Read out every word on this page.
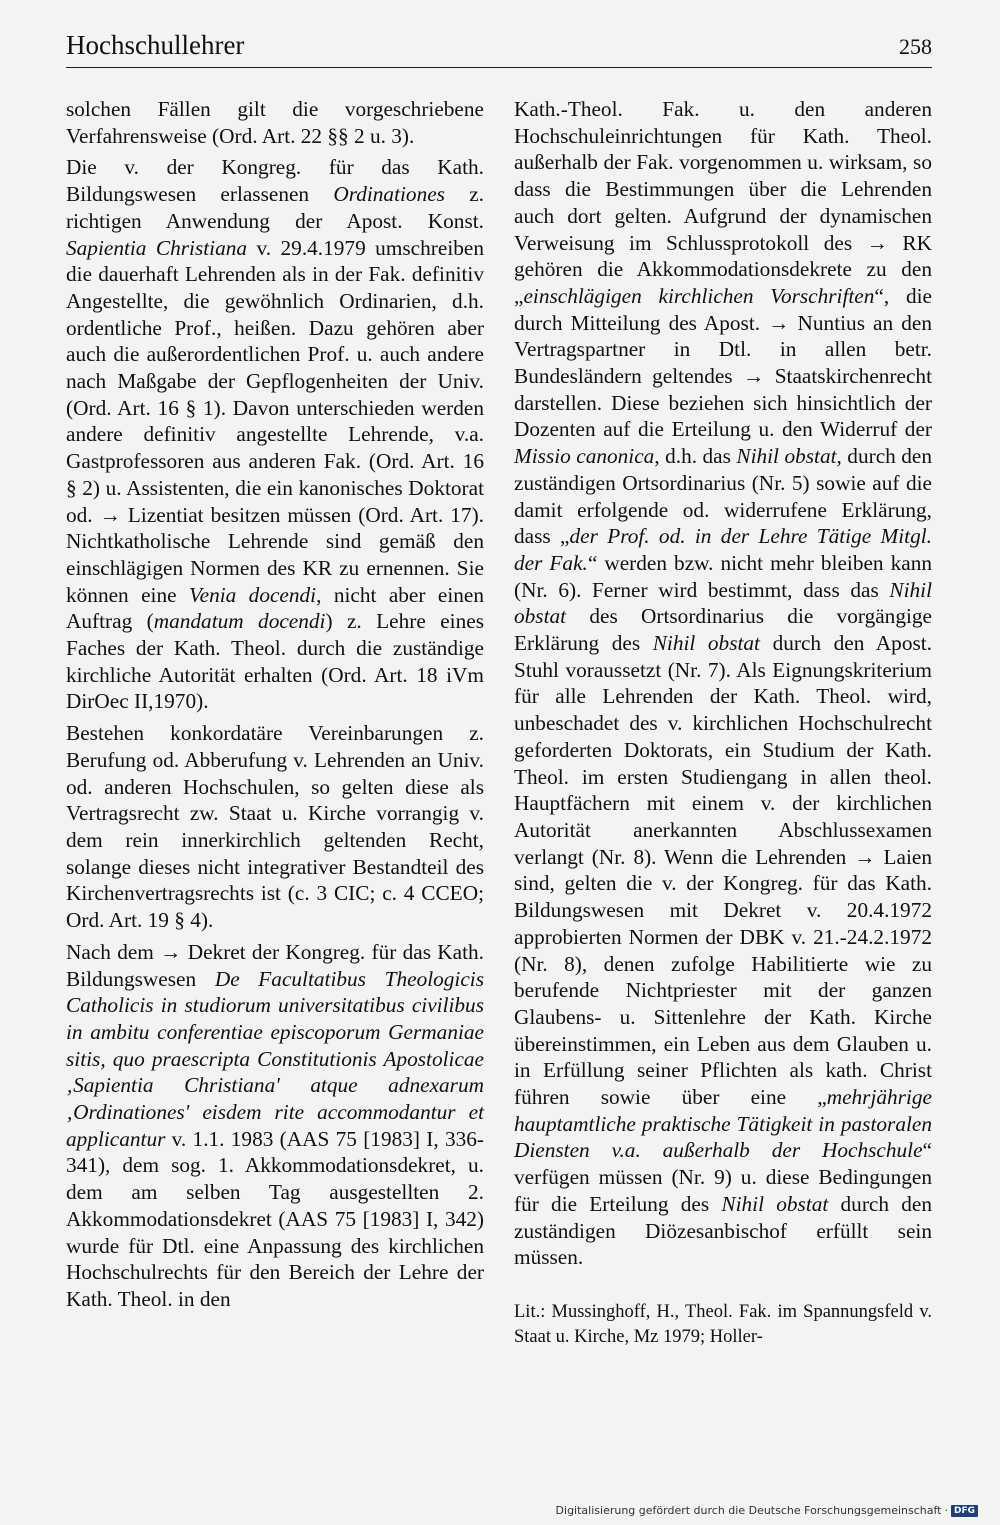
Hochschullehrer	258

solchen Fällen gilt die vorgeschriebene Verfahrensweise (Ord. Art. 22 §§ 2 u. 3).

Die v. der Kongreg. für das Kath. Bildungswesen erlassenen Ordinationes z. richtigen Anwendung der Apost. Konst. Sapientia Christiana v. 29.4.1979 umschreiben die dauerhaft Lehrenden als in der Fak. definitiv Angestellte, die gewöhnlich Ordinarien, d.h. ordentliche Prof., heißen. Dazu gehören aber auch die außerordentlichen Prof. u. auch andere nach Maßgabe der Gepflogenheiten der Univ. (Ord. Art. 16 § 1). Davon unterschieden werden andere definitiv angestellte Lehrende, v.a. Gastprofessoren aus anderen Fak. (Ord. Art. 16 § 2) u. Assistenten, die ein kanonisches Doktorat od. → Lizentiat besitzen müssen (Ord. Art. 17). Nichtkatholische Lehrende sind gemäß den einschlägigen Normen des KR zu ernennen. Sie können eine Venia docendi, nicht aber einen Auftrag (mandatum docendi) z. Lehre eines Faches der Kath. Theol. durch die zuständige kirchliche Autorität erhalten (Ord. Art. 18 iVm DirOec II,1970).

Bestehen konkordatäre Vereinbarungen z. Berufung od. Abberufung v. Lehrenden an Univ. od. anderen Hochschulen, so gelten diese als Vertragsrecht zw. Staat u. Kirche vorrangig v. dem rein innerkirchlich geltenden Recht, solange dieses nicht integrativer Bestandteil des Kirchenvertragsrechts ist (c. 3 CIC; c. 4 CCEO; Ord. Art. 19 § 4).

Nach dem → Dekret der Kongreg. für das Kath. Bildungswesen De Facultatibus Theologicis Catholicis in studiorum universitatibus civilibus in ambitu conferentiae episcoporum Germaniae sitis, quo praescripta Constitutionis Apostolicae ‚Sapientia Christiana' atque adnexarum ‚Ordinationes' eisdem rite accommodantur et applicantur v. 1.1. 1983 (AAS 75 [1983] I, 336-341), dem sog. 1. Akkommodationsdekret, u. dem am selben Tag ausgestellten 2. Akkommodationsdekret (AAS 75 [1983] I, 342) wurde für Dtl. eine Anpassung des kirchlichen Hochschulrechts für den Bereich der Lehre der Kath. Theol. in den

Kath.-Theol. Fak. u. den anderen Hochschuleinrichtungen für Kath. Theol. außerhalb der Fak. vorgenommen u. wirksam, so dass die Bestimmungen über die Lehrenden auch dort gelten. Aufgrund der dynamischen Verweisung im Schlussprotokoll des → RK gehören die Akkommodationsdekrete zu den „einschlägigen kirchlichen Vorschriften“, die durch Mitteilung des Apost. → Nuntius an den Vertragspartner in Dtl. in allen betr. Bundesländern geltendes → Staatskirchenrecht darstellen. Diese beziehen sich hinsichtlich der Dozenten auf die Erteilung u. den Widerruf der Missio canonica, d.h. das Nihil obstat, durch den zuständigen Ortsordinarius (Nr. 5) sowie auf die damit erfolgende od. widerrufene Erklärung, dass „der Prof. od. in der Lehre Tätige Mitgl. der Fak.“ werden bzw. nicht mehr bleiben kann (Nr. 6). Ferner wird bestimmt, dass das Nihil obstat des Ortsordinarius die vorgängige Erklärung des Nihil obstat durch den Apost. Stuhl voraussetzt (Nr. 7). Als Eignungskriterium für alle Lehrenden der Kath. Theol. wird, unbeschadet des v. kirchlichen Hochschulrecht geforderten Doktorats, ein Studium der Kath. Theol. im ersten Studiengang in allen theol. Hauptfächern mit einem v. der kirchlichen Autorität anerkannten Abschlussexamen verlangt (Nr. 8). Wenn die Lehrenden → Laien sind, gelten die v. der Kongreg. für das Kath. Bildungswesen mit Dekret v. 20.4.1972 approbierten Normen der DBK v. 21.-24.2.1972 (Nr. 8), denen zufolge Habilitierte wie zu berufende Nichtpriester mit der ganzen Glaubens- u. Sittenlehre der Kath. Kirche übereinstimmen, ein Leben aus dem Glauben u. in Erfüllung seiner Pflichten als kath. Christ führen sowie über eine „mehrjährige hauptamtliche praktische Tätigkeit in pastoralen Diensten v.a. außerhalb der Hochschule“ verfügen müssen (Nr. 9) u. diese Bedingungen für die Erteilung des Nihil obstat durch den zuständigen Diözesanbischof erfüllt sein müssen.

Lit.: Mussinghoff, H., Theol. Fak. im Spannungsfeld v. Staat u. Kirche, Mz 1979; Holler-

Digitalisierung gefördert durch die Deutsche Forschungsgemeinschaft · DFG
